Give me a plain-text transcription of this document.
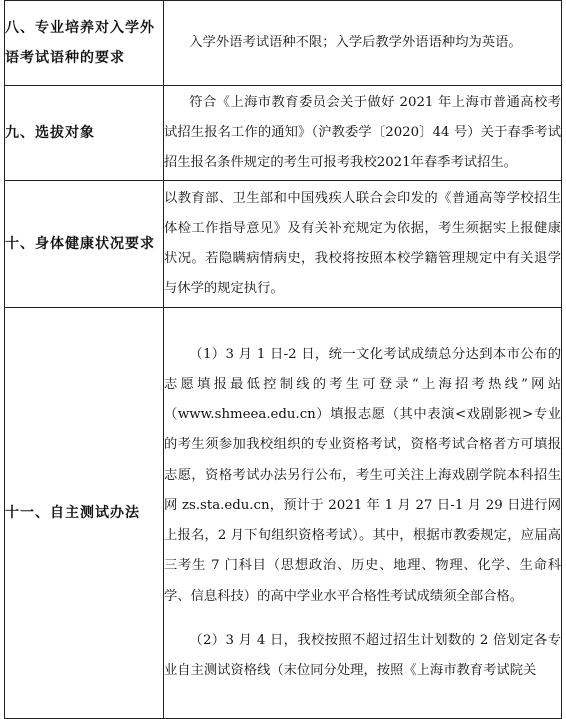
八、专业培养对入学外
语考试语种的要求	入学外语考试语种不限；入学后教学外语语种均为英语。

九、选拔对象	符合《上海市教育委员会关于做好 2021 年上海市普通高校考试招生报名工作的通知》（沪教委学〔2020〕44 号）关于春季考试招生报名条件规定的考生可报考我校2021年春季考试招生。

十、身体健康状况要求	以教育部、卫生部和中国残疾人联合会印发的《普通高等学校招生体检工作指导意见》及有关补充规定为依据，考生须据实上报健康状况。若隐瞒病情病史，我校将按照本校学籍管理规定中有关退学与休学的规定执行。

十一、自主测试办法	（1）3 月 1 日-2 日，统一文化考试成绩总分达到本市公布的志愿填报最低控制线的考生可登录“上海招考热线”网站（www.shmeea.edu.cn）填报志愿（其中表演<戏剧影视>专业的考生须参加我校组织的专业资格考试，资格考试合格者方可填报志愿，资格考试办法另行公布，考生可关注上海戏剧学院本科招生网 zs.sta.edu.cn，预计于 2021 年 1 月 27 日-1 月 29 日进行网上报名，2 月下旬组织资格考试）。其中，根据市教委规定，应届高三考生 7 门科目（思想政治、历史、地理、物理、化学、生命科学、信息科技）的高中学业水平合格性考试成绩须全部合格。

（2）3 月 4 日，我校按照不超过招生计划数的 2 倍划定各专业自主测试资格线（末位同分处理，按照《上海市教育考试院关
